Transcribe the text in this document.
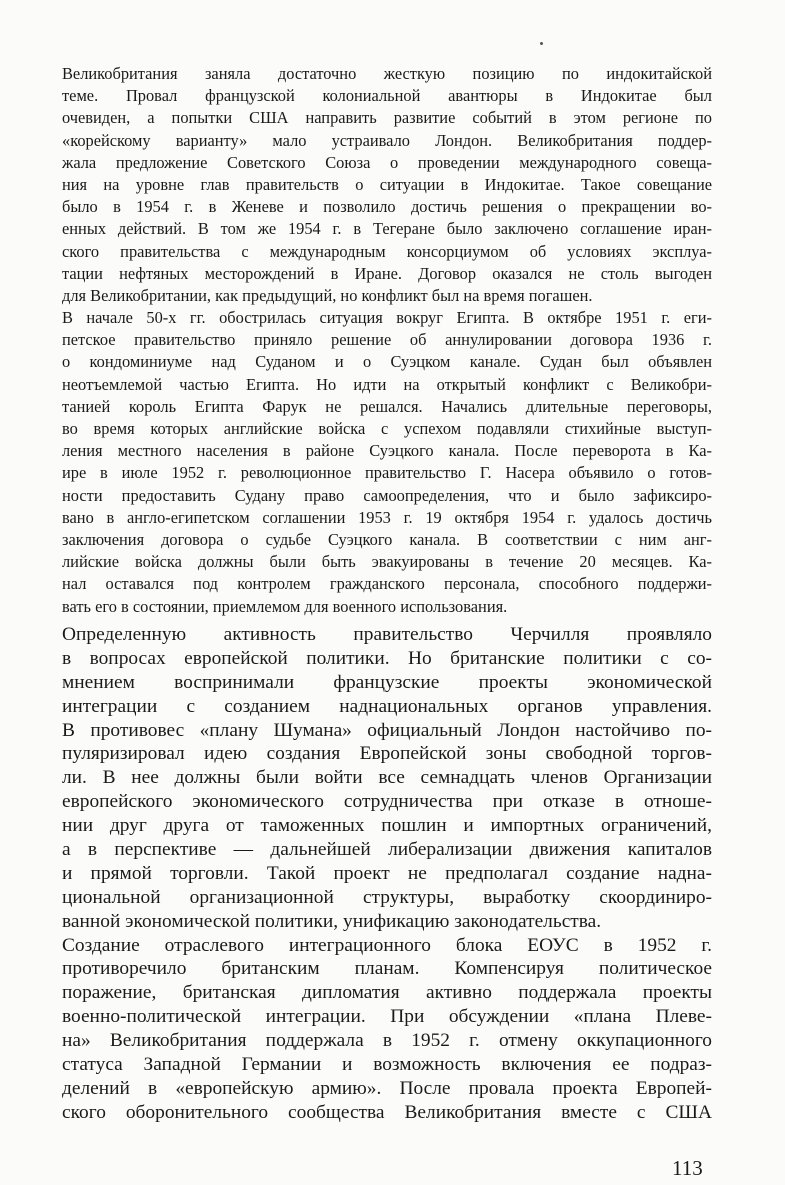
Великобритания заняла достаточно жесткую позицию по индокитайской
теме. Провал французской колониальной авантюры в Индокитае был
очевиден, а попытки США направить развитие событий в этом регионе по
«корейскому варианту» мало устраивало Лондон. Великобритания поддер-
жала предложение Советского Союза о проведении международного совеща-
ния на уровне глав правительств о ситуации в Индокитае. Такое совещание
было в 1954 г. в Женеве и позволило достичь решения о прекращении во-
енных действий. В том же 1954 г. в Тегеране было заключено соглашение иран-
ского правительства с международным консорциумом об условиях эксплуа-
тации нефтяных месторождений в Иране. Договор оказался не столь выгоден
для Великобритании, как предыдущий, но конфликт был на время погашен.
В начале 50-х гг. обострилась ситуация вокруг Египта. В октябре 1951 г. еги-
петское правительство приняло решение об аннулировании договора 1936 г.
о кондоминиуме над Суданом и о Суэцком канале. Судан был объявлен
неотъемлемой частью Египта. Но идти на открытый конфликт с Великобри-
танией король Египта Фарук не решался. Начались длительные переговоры,
во время которых английские войска с успехом подавляли стихийные выступ-
ления местного населения в районе Суэцкого канала. После переворота в Ка-
ире в июле 1952 г. революционное правительство Г. Насера объявило о готов-
ности предоставить Судану право самоопределения, что и было зафиксиро-
вано в англо-египетском соглашении 1953 г. 19 октября 1954 г. удалось достичь
заключения договора о судьбе Суэцкого канала. В соответствии с ним анг-
лийские войска должны были быть эвакуированы в течение 20 месяцев. Ка-
нал оставался под контролем гражданского персонала, способного поддержи-
вать его в состоянии, приемлемом для военного использования.
Определенную активность правительство Черчилля проявляло
в вопросах европейской политики. Но британские политики с со-
мнением воспринимали французские проекты экономической
интеграции с созданием наднациональных органов управления.
В противовес «плану Шумана» официальный Лондон настойчиво по-
пуляризировал идею создания Европейской зоны свободной торгов-
ли. В нее должны были войти все семнадцать членов Организации
европейского экономического сотрудничества при отказе в отноше-
нии друг друга от таможенных пошлин и импортных ограничений,
а в перспективе — дальнейшей либерализации движения капиталов
и прямой торговли. Такой проект не предполагал создание надна-
циональной организационной структуры, выработку скоординиро-
ванной экономической политики, унификацию законодательства.
Создание отраслевого интеграционного блока ЕОУС в 1952 г.
противоречило британским планам. Компенсируя политическое
поражение, британская дипломатия активно поддержала проекты
военно-политической интеграции. При обсуждении «плана Плеве-
на» Великобритания поддержала в 1952 г. отмену оккупационного
статуса Западной Германии и возможность включения ее подраз-
делений в «европейскую армию». После провала проекта Европей-
ского оборонительного сообщества Великобритания вместе с США
113
